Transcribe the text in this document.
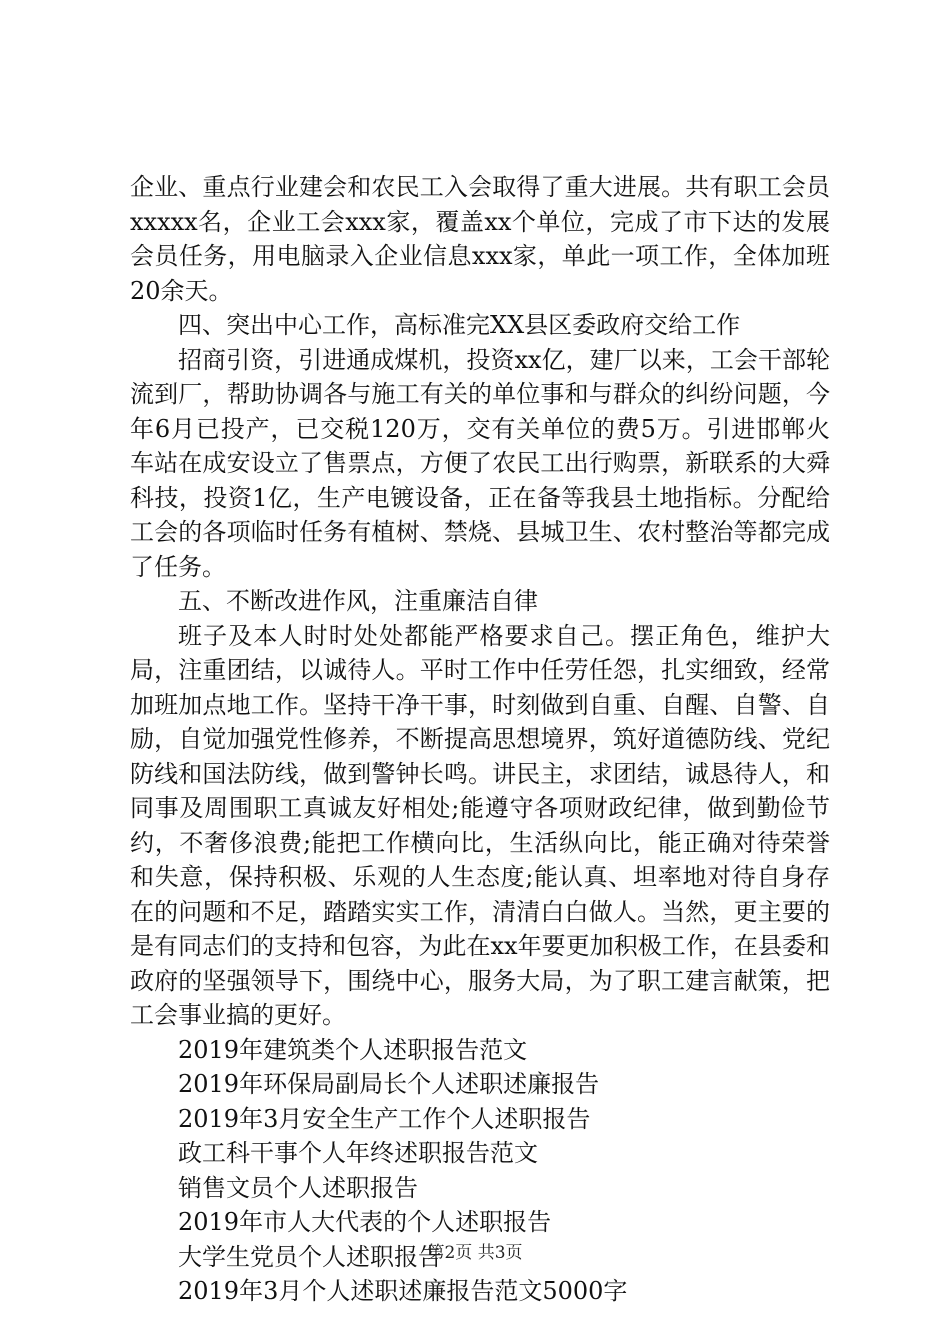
企业、重点行业建会和农民工入会取得了重大进展。共有职工会员xxxxx名，企业工会xxx家，覆盖xx个单位，完成了市下达的发展会员任务，用电脑录入企业信息xxx家，单此一项工作，全体加班20余天。

四、突出中心工作，高标准完XX县区委政府交给工作

招商引资，引进通成煤机，投资xx亿，建厂以来，工会干部轮流到厂，帮助协调各与施工有关的单位事和与群众的纠纷问题，今年6月已投产，已交税120万，交有关单位的费5万。引进邯郸火车站在成安设立了售票点，方便了农民工出行购票，新联系的大舜科技，投资1亿，生产电镀设备，正在备等我县土地指标。分配给工会的各项临时任务有植树、禁烧、县城卫生、农村整治等都完成了任务。

五、不断改进作风，注重廉洁自律

班子及本人时时处处都能严格要求自己。摆正角色，维护大局，注重团结，以诚待人。平时工作中任劳任怨，扎实细致，经常加班加点地工作。坚持干净干事，时刻做到自重、自醒、自警、自励，自觉加强党性修养，不断提高思想境界，筑好道德防线、党纪防线和国法防线，做到警钟长鸣。讲民主，求团结，诚恳待人，和同事及周围职工真诚友好相处;能遵守各项财政纪律，做到勤俭节约，不奢侈浪费;能把工作横向比，生活纵向比，能正确对待荣誉和失意，保持积极、乐观的人生态度;能认真、坦率地对待自身存在的问题和不足，踏踏实实工作，清清白白做人。当然，更主要的是有同志们的支持和包容，为此在xx年要更加积极工作，在县委和政府的坚强领导下，围绕中心，服务大局，为了职工建言献策，把工会事业搞的更好。

2019年建筑类个人述职报告范文
2019年环保局副局长个人述职述廉报告
2019年3月安全生产工作个人述职报告
政工科干事个人年终述职报告范文
销售文员个人述职报告
2019年市人大代表的个人述职报告
大学生党员个人述职报告
2019年3月个人述职述廉报告范文5000字
第2页 共3页
